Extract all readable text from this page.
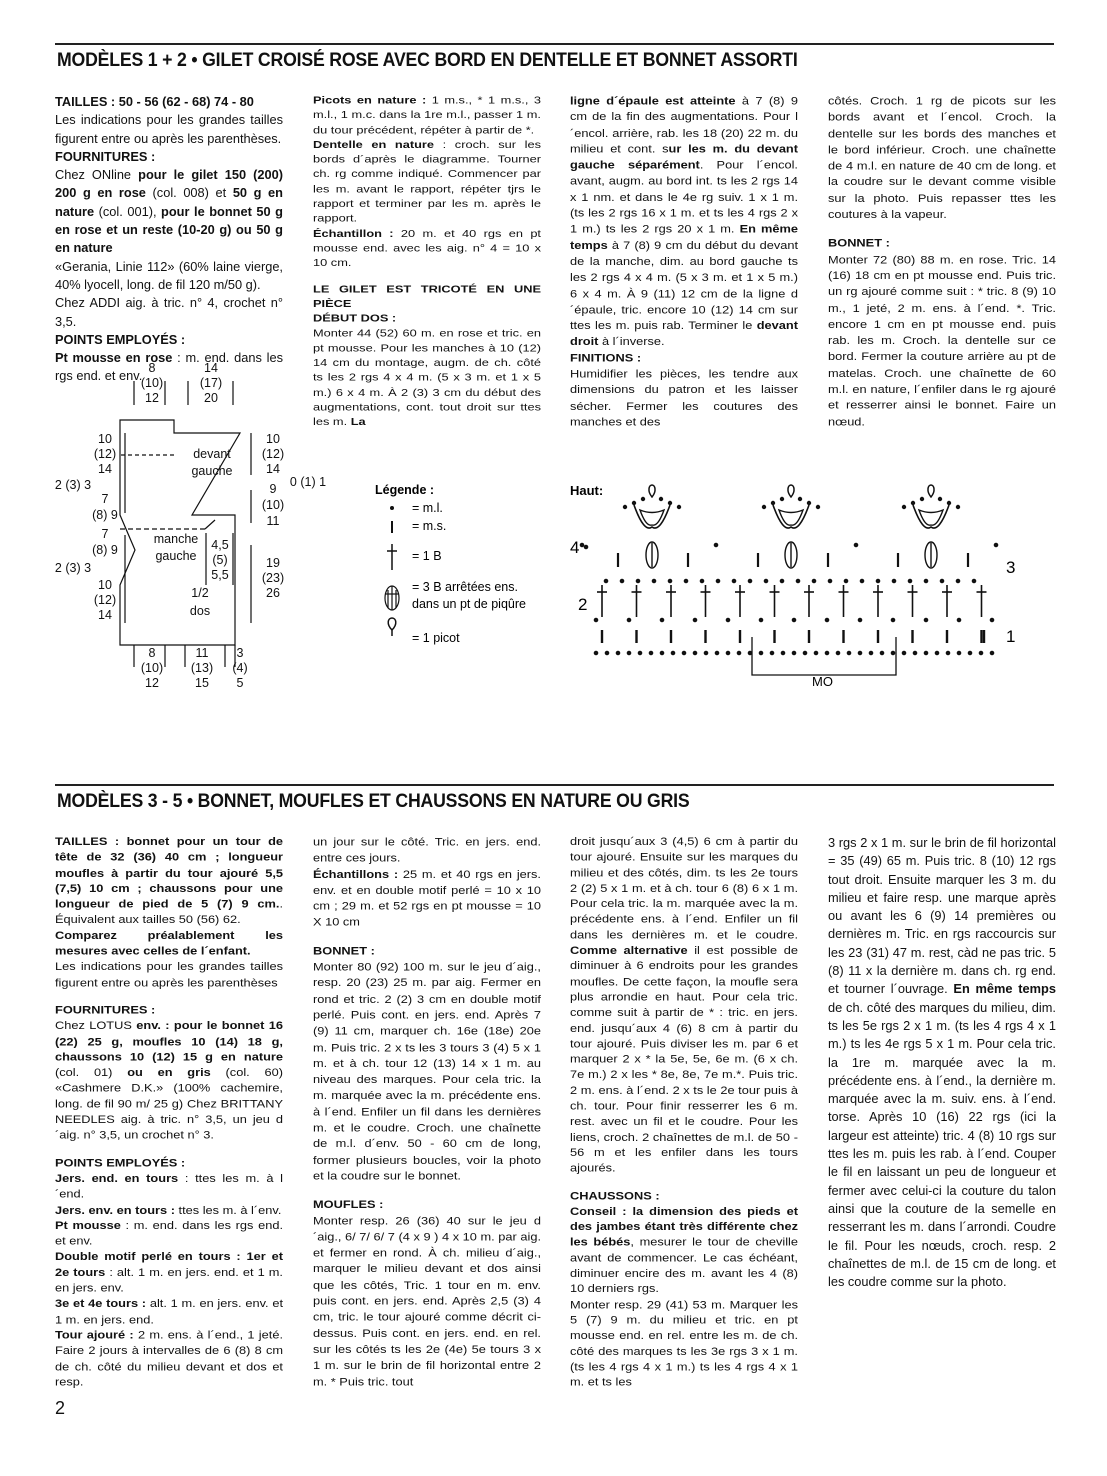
MODÈLES 1 + 2 • GILET CROISÉ ROSE AVEC BORD EN DENTELLE ET BONNET ASSORTI

TAILLES : 50 - 56 (62 - 68) 74 - 80

Les indications pour les grandes tailles figurent entre ou après les parenthèses.

FOURNITURES :

Chez ONline pour le gilet 150 (200) 200 g en rose (col. 008) et 50 g en nature (col. 001), pour le bonnet 50 g en rose et un reste (10-20 g) ou 50 g en nature

«Gerania, Linie 112» (60% laine vierge, 40% lyocell, long. de fil 120 m/50 g).

Chez ADDI aig. à tric. n° 4, crochet n° 3,5.

POINTS EMPLOYÉS :

Pt mousse en rose : m. end. dans les rgs end. et env.

Picots en nature : 1 m.s., * 1 m.s., 3 m.l., 1 m.c. dans la 1re m.l., passer 1 m. du tour précédent, répéter à partir de *.

Dentelle en nature : croch. sur les bords d´après le diagramme. Tourner ch. rg comme indiqué. Commencer par les m. avant le rapport, répéter tjrs le rapport et terminer par les m. après le rapport.

Échantillon : 20 m. et 40 rgs en pt mousse end. avec les aig. n° 4 = 10 x 10 cm.

LE GILET EST TRICOTÉ EN UNE PIÈCE

DÉBUT DOS :

Monter 44 (52) 60 m. en rose et tric. en pt mousse. Pour les manches à 10 (12) 14 cm du montage, augm. de ch. côté ts les 2 rgs 4 x 4 m. (5 x 3 m. et 1 x 5 m.) 6 x 4 m. À 2 (3) 3 cm du début des augmentations, cont. tout droit sur ttes les m. La

ligne d´épaule est atteinte à 7 (8) 9 cm de la fin des augmentations. Pour l´encol. arrière, rab. les 18 (20) 22 m. du milieu et cont. sur les m. du devant gauche séparément. Pour l´encol. avant, augm. au bord int. ts les 2 rgs 14 x 1 nm. et dans le 4e rg suiv. 1 x 1 m. (ts les 2 rgs 16 x 1 m. et ts les 4 rgs 2 x 1 m.) ts les 2 rgs 20 x 1 m. En même temps à 7 (8) 9 cm du début du devant de la manche, dim. au bord gauche ts les 2 rgs 4 x 4 m. (5 x 3 m. et 1 x 5 m.) 6 x 4 m. À 9 (11) 12 cm de la ligne d´épaule, tric. encore 10 (12) 14 cm sur ttes les m. puis rab. Terminer le devant droit à l´inverse.

FINITIONS :

Humidifier les pièces, les tendre aux dimensions du patron et les laisser sécher. Fermer les coutures des manches et des

côtés. Croch. 1 rg de picots sur les bords avant et l´encol. Croch. la dentelle sur les bords des manches et le bord inférieur. Croch. une chaînette de 4 m.l. en nature de 40 cm de long. et la coudre sur le devant comme visible sur la photo. Puis repasser ttes les coutures à la vapeur.

BONNET :

Monter 72 (80) 88 m. en rose. Tric. 14 (16) 18 cm en pt mousse end. Puis tric. un rg ajouré comme suit : * tric. 8 (9) 10 m., 1 jeté, 2 m. ens. à l´end. *. Tric. encore 1 cm en pt mousse end. puis rab. les m. Croch. la dentelle sur ce bord. Fermer la couture arrière au pt de matelas. Croch. une chaînette de 60 m.l. en nature, l´enfiler dans le rg ajouré et resserrer ainsi le bonnet. Faire un nœud.

8
(10)
12
14
(17)
20
10
(12)
14
2 (3) 3
7
(8) 9
7
(8) 9
2 (3) 3
10
(12)
14
10
(12)
14
0 (1) 1
9
(10)
11
19
(23)
26
4,5
(5)
5,5
devant
gauche
manche
gauche
1/2
dos
8
(10)
12
11
(13)
15
3
(4)
5
Légende :
= m.l.
= m.s.
= 1 B
= 3 B arrêtées ens.
dans un pt de piqûre
= 1 picot
Haut:
4
2
3
1
MO
MODÈLES 3 - 5 • BONNET, MOUFLES ET CHAUSSONS EN NATURE OU GRIS

TAILLES : bonnet pour un tour de tête de 32 (36) 40 cm ; longueur moufles à partir du tour ajouré 5,5 (7,5) 10 cm ; chaussons pour une longueur de pied de 5 (7) 9 cm.. Équivalent aux tailles 50 (56) 62.

Comparez préalablement les mesures avec celles de l´enfant.

Les indications pour les grandes tailles figurent entre ou après les parenthèses

FOURNITURES :

Chez LOTUS env. : pour le bonnet 16 (22) 25 g, moufles 10 (14) 18 g, chaussons 10 (12) 15 g en nature (col. 01) ou en gris (col. 60) «Cashmere D.K.» (100% cachemire, long. de fil 90 m/ 25 g) Chez BRITTANY NEEDLES aig. à tric. n° 3,5, un jeu d´aig. n° 3,5, un crochet n° 3.

POINTS EMPLOYÉS :

Jers. end. en tours : ttes les m. à l´end.

Jers. env. en tours : ttes les m. à l´env.

Pt mousse : m. end. dans les rgs end. et env.

Double motif perlé en tours : 1er et 2e tours : alt. 1 m. en jers. end. et 1 m. en jers. env.

3e et 4e tours : alt. 1 m. en jers. env. et 1 m. en jers. end.

Tour ajouré : 2 m. ens. à l´end., 1 jeté. Faire 2 jours à intervalles de 6 (8) 8 cm de ch. côté du milieu devant et dos et resp.

un jour sur le côté. Tric. en jers. end. entre ces jours.

Échantillons : 25 m. et 40 rgs en jers. env. et en double motif perlé = 10 x 10 cm ; 29 m. et 52 rgs en pt mousse = 10 X 10 cm

BONNET :

Monter 80 (92) 100 m. sur le jeu d´aig., resp. 20 (23) 25 m. par aig. Fermer en rond et tric. 2 (2) 3 cm en double motif perlé. Puis cont. en jers. end. Après 7 (9) 11 cm, marquer ch. 16e (18e) 20e m. Puis tric. 2 x ts les 3 tours 3 (4) 5 x 1 m. et à ch. tour 12 (13) 14 x 1 m. au niveau des marques. Pour cela tric. la m. marquée avec la m. précédente ens. à l´end. Enfiler un fil dans les dernières m. et le coudre. Croch. une chaînette de m.l. d´env. 50 - 60 cm de long, former plusieurs boucles, voir la photo et la coudre sur le bonnet.

MOUFLES :

Monter resp. 26 (36) 40 sur le jeu d´aig., 6/ 7/ 6/ 7 (4 x 9 ) 4 x 10 m. par aig. et fermer en rond. À ch. milieu d´aig., marquer le milieu devant et dos ainsi que les côtés, Tric. 1 tour en m. env. puis cont. en jers. end. Après 2,5 (3) 4 cm, tric. le tour ajouré comme décrit ci-dessus. Puis cont. en jers. end. en rel. sur les côtés ts les 2e (4e) 5e tours 3 x 1 m. sur le brin de fil horizontal entre 2 m. * Puis tric. tout

droit jusqu´aux 3 (4,5) 6 cm à partir du tour ajouré. Ensuite sur les marques du milieu et des côtés, dim. ts les 2e tours 2 (2) 5 x 1 m. et à ch. tour 6 (8) 6 x 1 m. Pour cela tric. la m. marquée avec la m. précédente ens. à l´end. Enfiler un fil dans les dernières m. et le coudre. Comme alternative il est possible de diminuer à 6 endroits pour les grandes moufles. De cette façon, la moufle sera plus arrondie en haut. Pour cela tric. comme suit à partir de * : tric. en jers. end. jusqu´aux 4 (6) 8 cm à partir du tour ajouré. Puis diviser les m. par 6 et marquer 2 x * la 5e, 5e, 6e m. (6 x ch. 7e m.) 2 x les * 8e, 8e, 7e m.*. Puis tric. 2 m. ens. à l´end. 2 x ts le 2e tour puis à ch. tour. Pour finir resserrer les 6 m. rest. avec un fil et le coudre. Pour les liens, croch. 2 chaînettes de m.l. de 50 - 56 m et les enfiler dans les tours ajourés.

CHAUSSONS :

Conseil : la dimension des pieds et des jambes étant très différente chez les bébés, mesurer le tour de cheville avant de commencer. Le cas échéant, diminuer encire des m. avant les 4 (8) 10 derniers rgs.

Monter resp. 29 (41) 53 m. Marquer les 5 (7) 9 m. du milieu et tric. en pt mousse end. en rel. entre les m. de ch. côté des marques ts les 3e rgs 3 x 1 m. (ts les 4 rgs 4 x 1 m.) ts les 4 rgs 4 x 1 m. et ts les

3 rgs 2 x 1 m. sur le brin de fil horizontal = 35 (49) 65 m. Puis tric. 8 (10) 12 rgs tout droit. Ensuite marquer les 3 m. du milieu et faire resp. une marque après ou avant les 6 (9) 14 premières ou dernières m. Tric. en rgs raccourcis sur les 23 (31) 47 m. rest, càd ne pas tric. 5 (8) 11 x la dernière m. dans ch. rg end. et tourner l´ouvrage. En même temps de ch. côté des marques du milieu, dim. ts les 5e rgs 2 x 1 m. (ts les 4 rgs 4 x 1 m.) ts les 4e rgs 5 x 1 m. Pour cela tric. la 1re m. marquée avec la m. précédente ens. à l´end., la dernière m. marquée avec la m. suiv. ens. à l´end. torse. Après 10 (16) 22 rgs (ici la largeur est atteinte) tric. 4 (8) 10 rgs sur ttes les m. puis les rab. à l´end. Couper le fil en laissant un peu de longueur et fermer avec celui-ci la couture du talon ainsi que la couture de la semelle en resserrant les m. dans l´arrondi. Coudre le fil. Pour les nœuds, croch. resp. 2 chaînettes de m.l. de 15 cm de long. et les coudre comme sur la photo.

2
